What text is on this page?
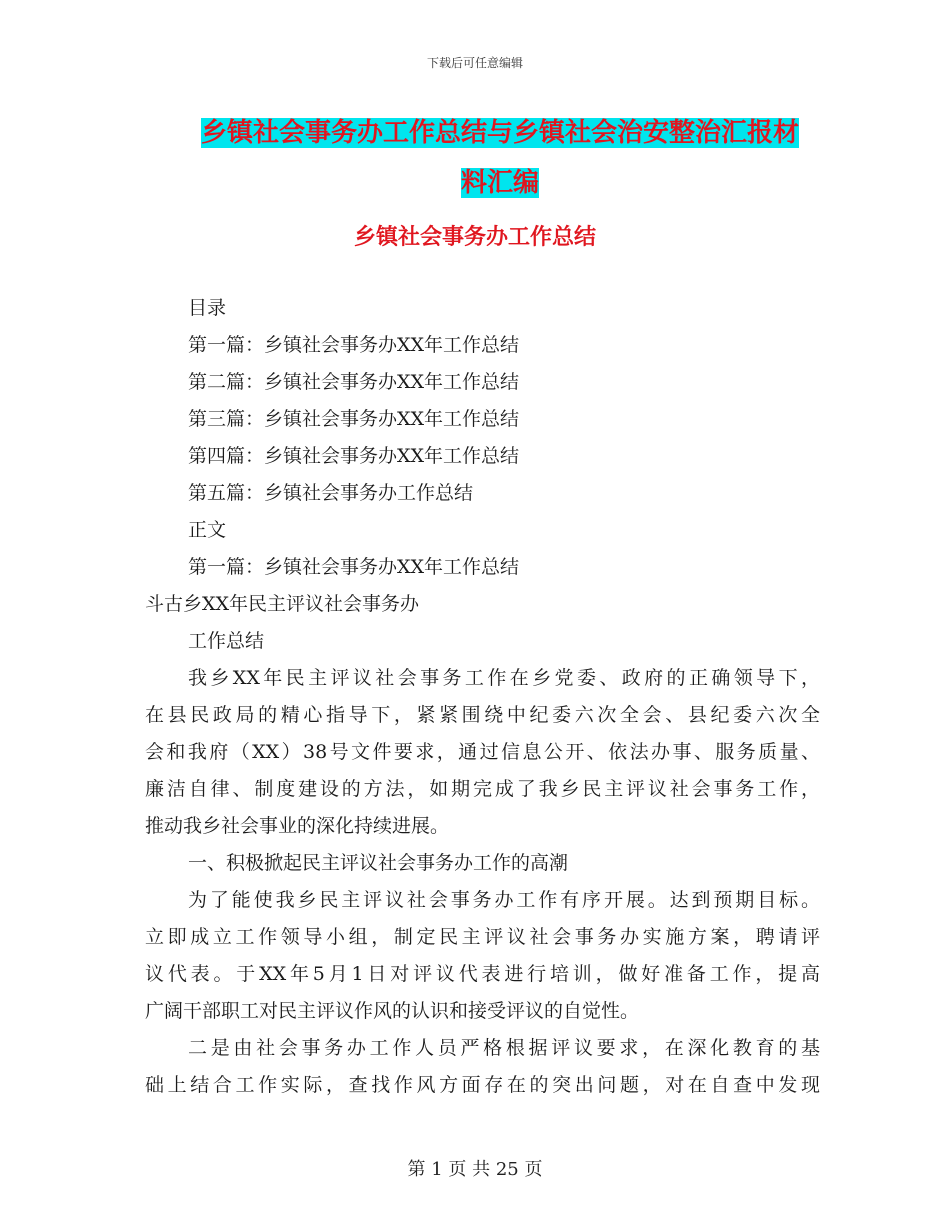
下载后可任意编辑
乡镇社会事务办工作总结与乡镇社会治安整治汇报材
料汇编
乡镇社会事务办工作总结
目录
第一篇：乡镇社会事务办XX年工作总结
第二篇：乡镇社会事务办XX年工作总结
第三篇：乡镇社会事务办XX年工作总结
第四篇：乡镇社会事务办XX年工作总结
第五篇：乡镇社会事务办工作总结
正文
第一篇：乡镇社会事务办XX年工作总结
斗古乡XX年民主评议社会事务办
工作总结
我乡XX年民主评议社会事务工作在乡党委、政府的正确领导下，
在县民政局的精心指导下，紧紧围绕中纪委六次全会、县纪委六次全
会和我府（XX）38号文件要求，通过信息公开、依法办事、服务质量、
廉洁自律、制度建设的方法，如期完成了我乡民主评议社会事务工作，
推动我乡社会事业的深化持续进展。
一、积极掀起民主评议社会事务办工作的高潮
为了能使我乡民主评议社会事务办工作有序开展。达到预期目标。
立即成立工作领导小组，制定民主评议社会事务办实施方案，聘请评
议代表。于XX年5月1日对评议代表进行培训，做好准备工作，提高
广阔干部职工对民主评议作风的认识和接受评议的自觉性。
二是由社会事务办工作人员严格根据评议要求，在深化教育的基
础上结合工作实际，查找作风方面存在的突出问题，对在自查中发现
第 1 页 共 25 页
